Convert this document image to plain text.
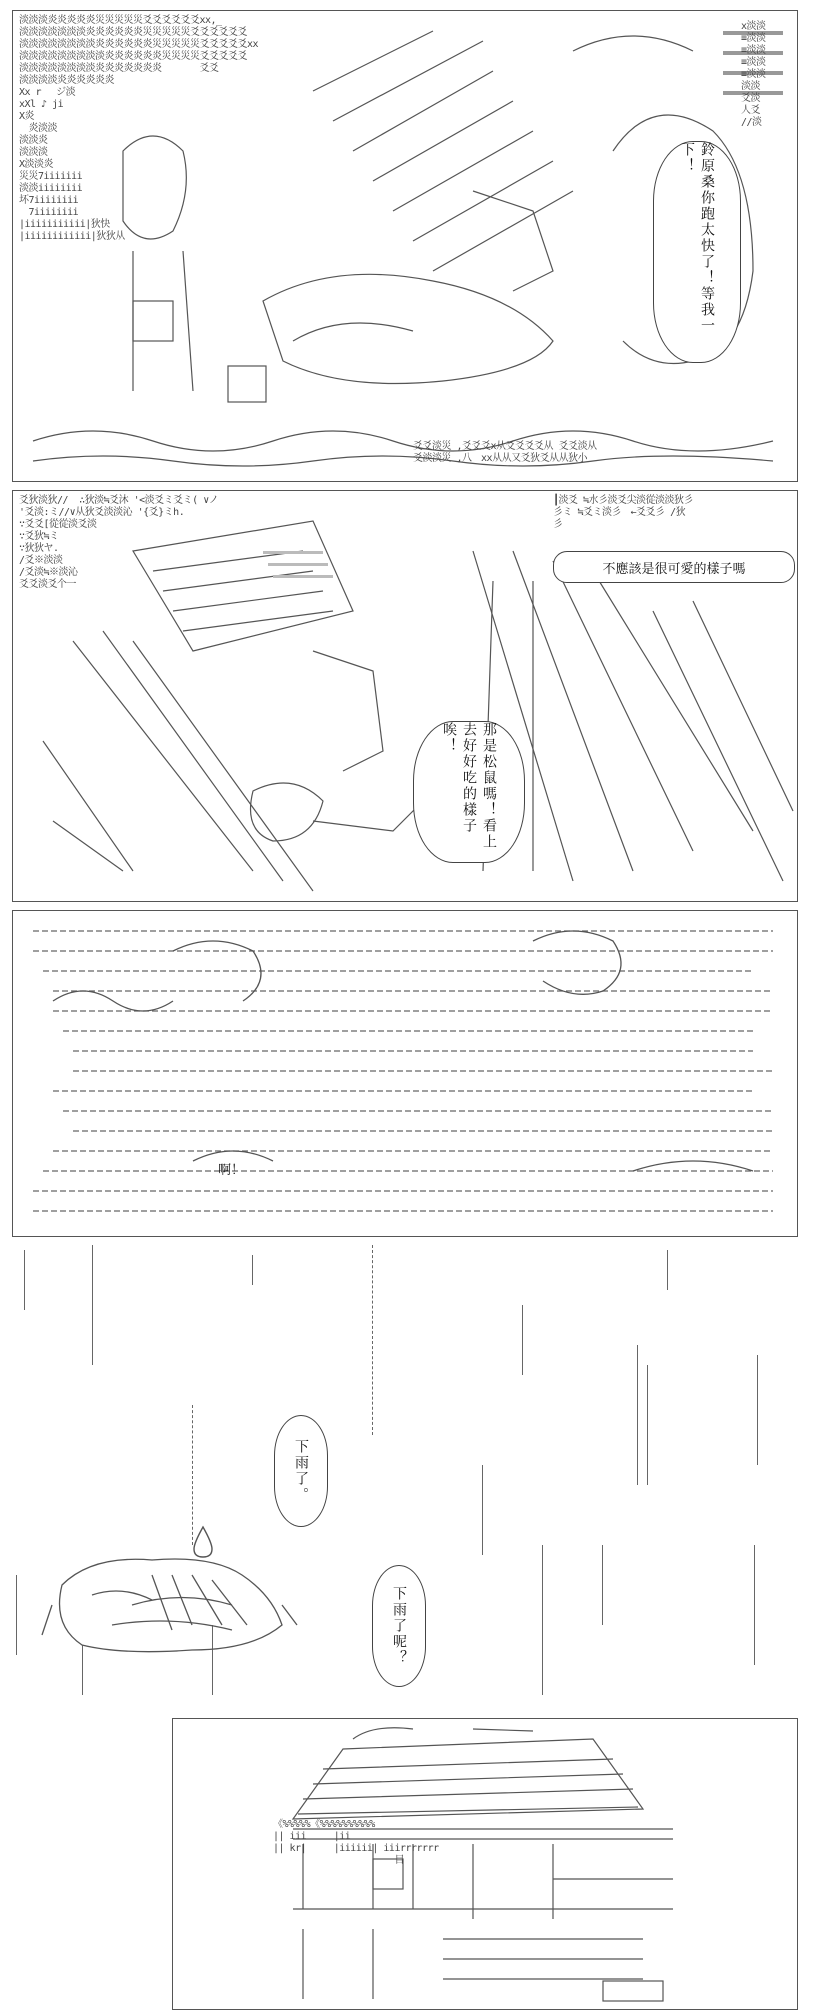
淡淡淡炎炎炎炎炎災災災災災爻爻爻爻爻爻xx,_
淡淡淡淡淡淡淡炎炎炎炎炎炎災災災災災爻爻爻爻爻爻
淡淡淡淡淡淡淡淡炎炎炎炎炎炎災災災災災爻爻爻爻爻xx
淡淡淡淡淡淡淡淡淡炎炎炎炎炎炎災災災災爻爻爻爻爻
淡淡淡淡淡淡淡淡炎炎炎炎炎炎炎　　　　爻爻
淡淡淡淡炎炎炎炎炎炎
Xx r 　ジ淡
xXl ♪ ji
X炎
　炎淡淡
淡淡炎
淡淡淡
X淡淡炎
災災7iiiiiii
淡淡iiiiiiii
坏7iiiiiiii
　7iiiiiiii
|iiiiiiiiiii|狄快
|iiiiiiiiiiii|狄狄从
x淡淡
≡淡淡
≡淡淡
≡淡淡
≡淡淡
淡淡
爻淡
人爻
//淡
爻爻淡災 ,爻爻爻x从爻爻爻爻从 爻爻淡从
爻淡淡災 ,八　xx从从又爻狄爻从从狄小
鈴原桑你跑太快了！等我一下！
爻狄淡狄//  ∴狄淡≒爻沐 '<淡爻ミ爻ミ( ∨ノ
'爻淡:ミ//∨从狄爻淡淡沁 '{爻}ミh.
∵爻爻[從從淡爻淡
∵爻狄≒ミ
∵狄狄ヤ.
/爻※淡淡
/爻淡≒※淡沁
爻爻淡爻个一
┃淡爻 ≒水彡淡爻尖淡從淡淡狄彡
彡ミ ≒爻ミ淡彡　←爻爻彡 /狄
彡
不應該是很可愛的樣子嗎
那是松鼠嗎！看上去好好吃的樣子唉！
啊！
下雨了。
下雨了呢？
《%%%%%《%%%%%%%%%%
|| iii     |ii
|| kr|     |iiiiii| iiirrrrrrr
目
